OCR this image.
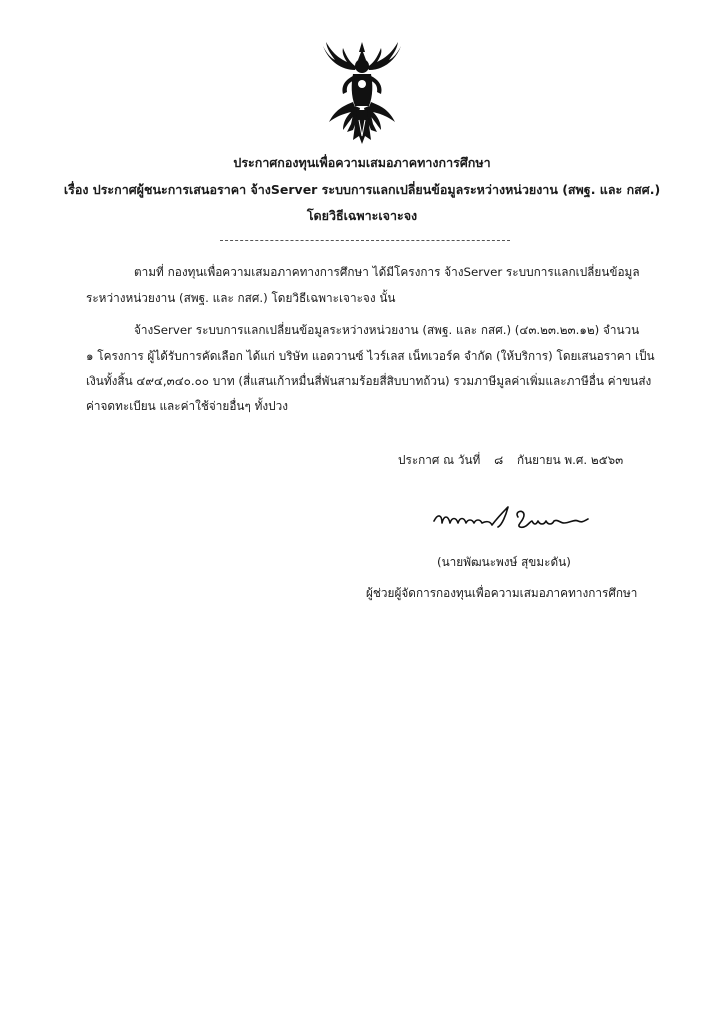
ประกาศกองทุนเพื่อความเสมอภาคทางการศึกษา
เรื่อง ประกาศผู้ชนะการเสนอราคา จ้างServer ระบบการแลกเปลี่ยนข้อมูลระหว่างหน่วยงาน (สพฐ. และ กสศ.)
โดยวิธีเฉพาะเจาะจง
ตามที่ กองทุนเพื่อความเสมอภาคทางการศึกษา ได้มีโครงการ จ้างServer ระบบการแลกเปลี่ยนข้อมูล
ระหว่างหน่วยงาน (สพฐ. และ กสศ.) โดยวิธีเฉพาะเจาะจง นั้น
จ้างServer ระบบการแลกเปลี่ยนข้อมูลระหว่างหน่วยงาน (สพฐ. และ กสศ.) (๔๓.๒๓.๒๓.๑๒) จำนวน
๑ โครงการ ผู้ได้รับการคัดเลือก ได้แก่ บริษัท แอดวานซ์ ไวร์เลส เน็ทเวอร์ค จำกัด (ให้บริการ) โดยเสนอราคา เป็น
เงินทั้งสิ้น ๔๙๔,๓๔๐.๐๐ บาท (สี่แสนเก้าหมื่นสี่พันสามร้อยสี่สิบบาทถ้วน) รวมภาษีมูลค่าเพิ่มและภาษีอื่น ค่าขนส่ง
ค่าจดทะเบียน และค่าใช้จ่ายอื่นๆ ทั้งปวง
ประกาศ ณ วันที่ ๘ กันยายน พ.ศ. ๒๕๖๓
(นายพัฒนะพงษ์ สุขมะดัน)
ผู้ช่วยผู้จัดการกองทุนเพื่อความเสมอภาคทางการศึกษา
